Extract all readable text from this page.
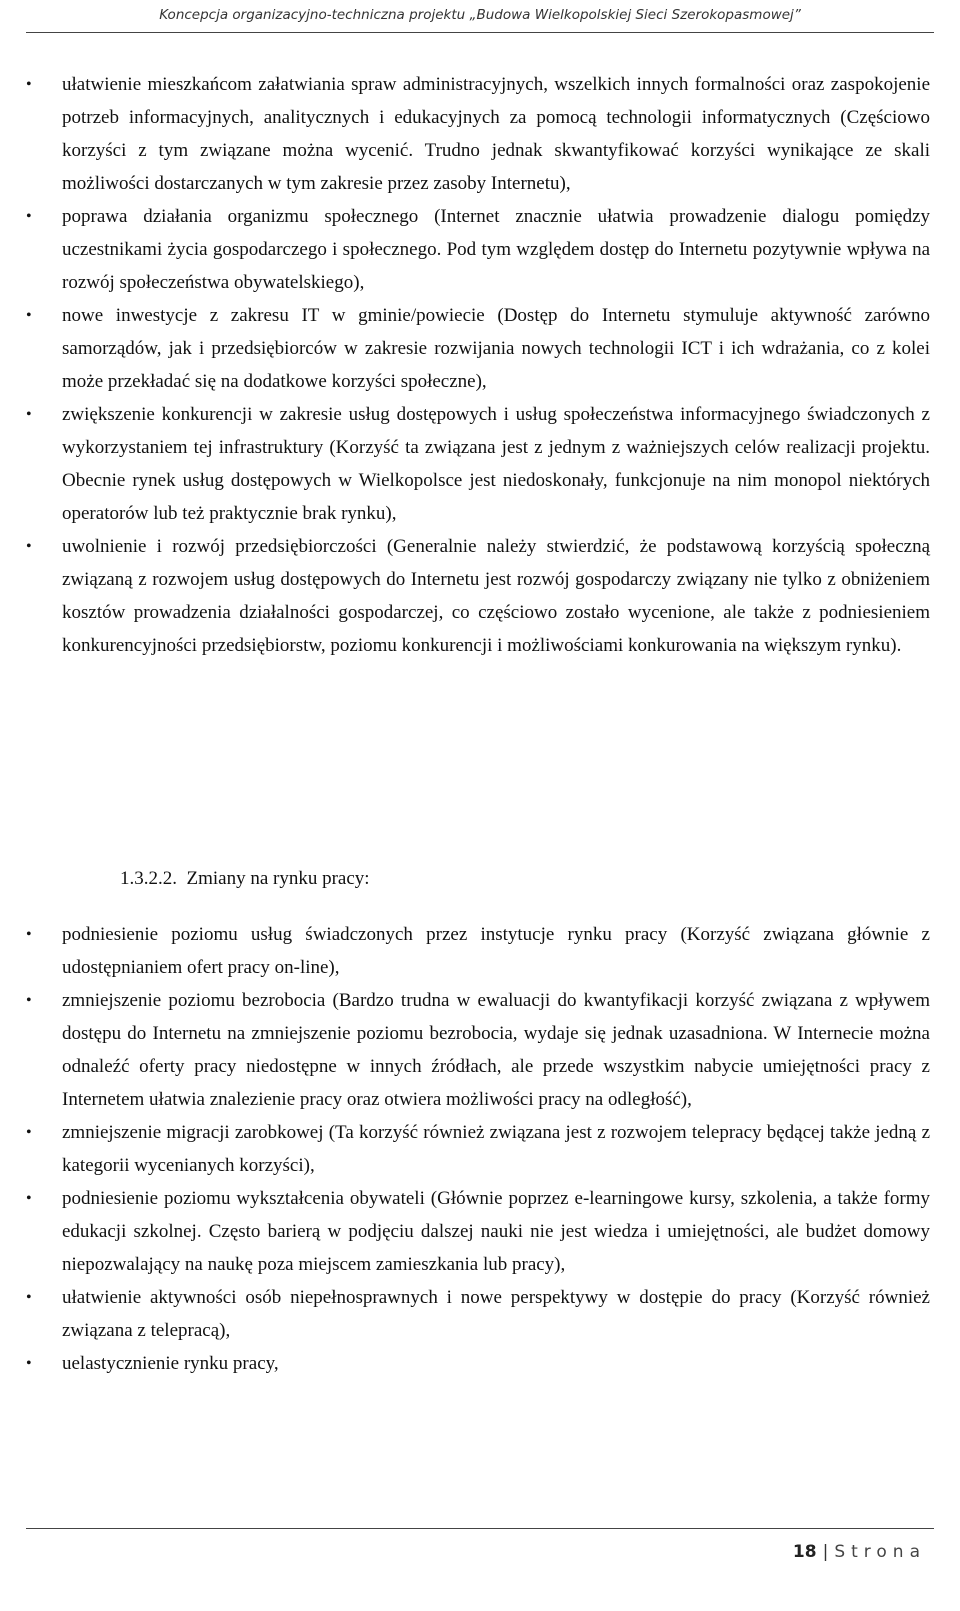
Koncepcja organizacyjno-techniczna projektu „Budowa Wielkopolskiej Sieci Szerokopasmowej”
•
ułatwienie mieszkańcom załatwiania spraw administracyjnych, wszelkich innych formalności oraz zaspokojenie potrzeb informacyjnych, analitycznych i edukacyjnych za pomocą technologii informatycznych (Częściowo korzyści z tym związane można wycenić. Trudno jednak skwantyfikować korzyści wynikające ze skali możliwości dostarczanych w tym zakresie przez zasoby Internetu),
•
poprawa działania organizmu społecznego (Internet znacznie ułatwia prowadzenie dialogu pomiędzy uczestnikami życia gospodarczego i społecznego. Pod tym względem dostęp do Internetu pozytywnie wpływa na rozwój społeczeństwa obywatelskiego),
•
nowe inwestycje z zakresu IT w gminie/powiecie (Dostęp do Internetu stymuluje aktywność zarówno samorządów, jak i przedsiębiorców w zakresie rozwijania nowych technologii ICT i ich wdrażania, co z kolei może przekładać się na dodatkowe korzyści społeczne),
•
zwiększenie konkurencji w zakresie usług dostępowych i usług społeczeństwa informacyjnego świadczonych z wykorzystaniem tej infrastruktury (Korzyść ta związana jest z jednym z ważniejszych celów realizacji projektu. Obecnie rynek usług dostępowych w Wielkopolsce jest niedoskonały, funkcjonuje na nim monopol niektórych operatorów lub też praktycznie brak rynku),
•
uwolnienie i rozwój przedsiębiorczości (Generalnie należy stwierdzić, że podstawową korzyścią społeczną związaną z rozwojem usług dostępowych do Internetu jest rozwój gospodarczy związany nie tylko z obniżeniem kosztów prowadzenia działalności gospodarczej, co częściowo zostało wycenione, ale także z podniesieniem konkurencyjności przedsiębiorstw, poziomu konkurencji i możliwościami konkurowania na większym rynku).
1.3.2.2. Zmiany na rynku pracy:
•
podniesienie poziomu usług świadczonych przez instytucje rynku pracy (Korzyść związana głównie z udostępnianiem ofert pracy on-line),
•
zmniejszenie poziomu bezrobocia (Bardzo trudna w ewaluacji do kwantyfikacji korzyść związana z wpływem dostępu do Internetu na zmniejszenie poziomu bezrobocia, wydaje się jednak uzasadniona. W Internecie można odnaleźć oferty pracy niedostępne w innych źródłach, ale przede wszystkim nabycie umiejętności pracy z Internetem ułatwia znalezienie pracy oraz otwiera możliwości pracy na odległość),
•
zmniejszenie migracji zarobkowej (Ta korzyść również związana jest z rozwojem telepracy będącej także jedną z kategorii wycenianych korzyści),
•
podniesienie poziomu wykształcenia obywateli (Głównie poprzez e-learningowe kursy, szkolenia, a także formy edukacji szkolnej. Często barierą w podjęciu dalszej nauki nie jest wiedza i umiejętności, ale budżet domowy niepozwalający na naukę poza miejscem zamieszkania lub pracy),
•
ułatwienie aktywności osób niepełnosprawnych i nowe perspektywy w dostępie do pracy (Korzyść również związana z telepracą),
•
uelastycznienie rynku pracy,
18 | Strona
